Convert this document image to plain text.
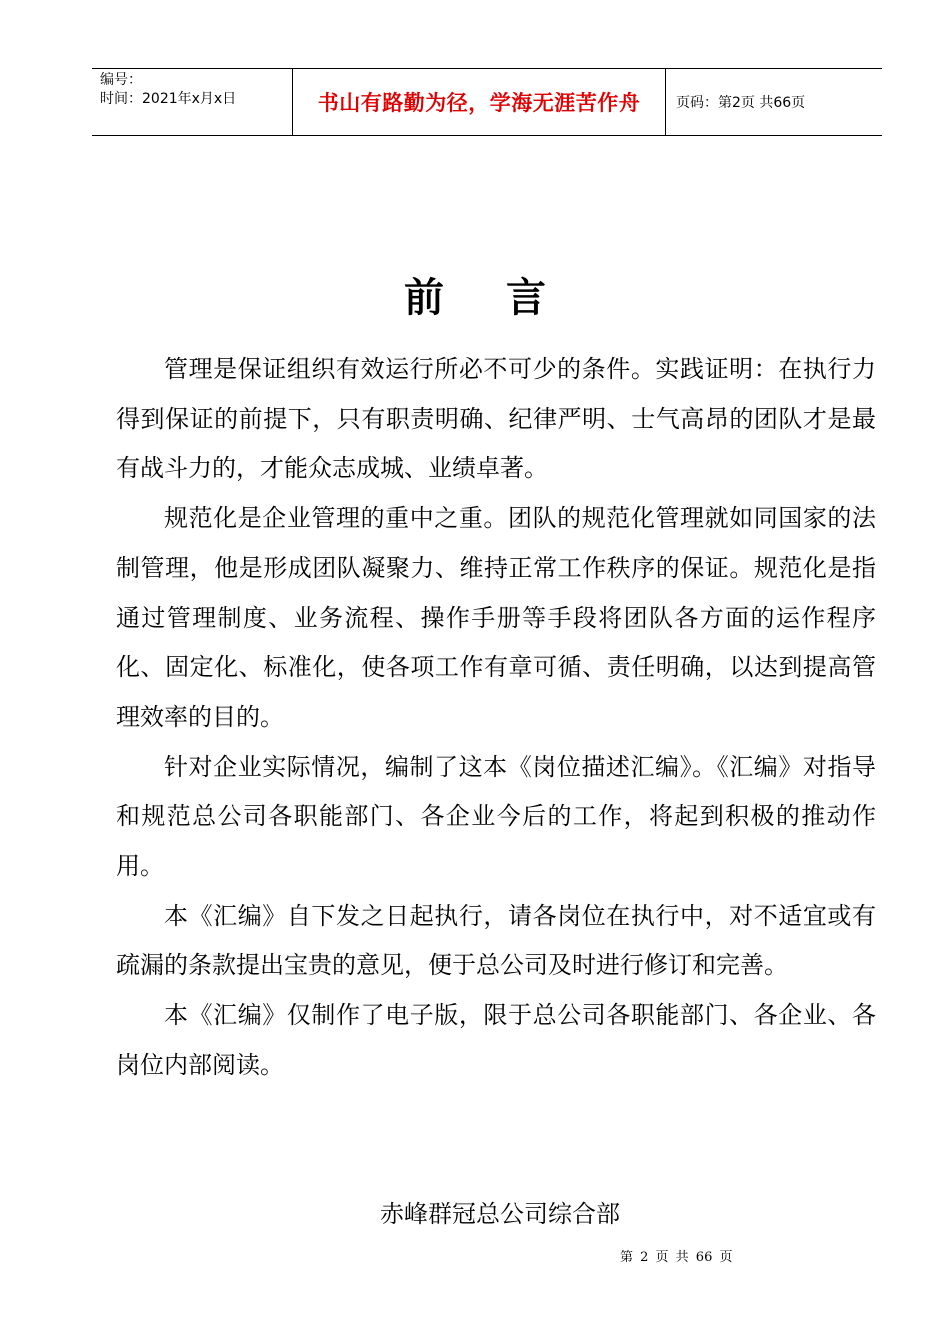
编号：
时间：2021年x月x日	书山有路勤为径，学海无涯苦作舟	页码：第2页 共66页
前言

管理是保证组织有效运行所必不可少的条件。实践证明：在执行力得到保证的前提下，只有职责明确、纪律严明、士气高昂的团队才是最有战斗力的，才能众志成城、业绩卓著。

规范化是企业管理的重中之重。团队的规范化管理就如同国家的法制管理，他是形成团队凝聚力、维持正常工作秩序的保证。规范化是指通过管理制度、业务流程、操作手册等手段将团队各方面的运作程序化、固定化、标准化，使各项工作有章可循、责任明确，以达到提高管理效率的目的。

针对企业实际情况，编制了这本《岗位描述汇编》。《汇编》对指导和规范总公司各职能部门、各企业今后的工作，将起到积极的推动作用。

本《汇编》自下发之日起执行，请各岗位在执行中，对不适宜或有疏漏的条款提出宝贵的意见，便于总公司及时进行修订和完善。

本《汇编》仅制作了电子版，限于总公司各职能部门、各企业、各岗位内部阅读。

赤峰群冠总公司综合部
第 2 页 共 66 页
